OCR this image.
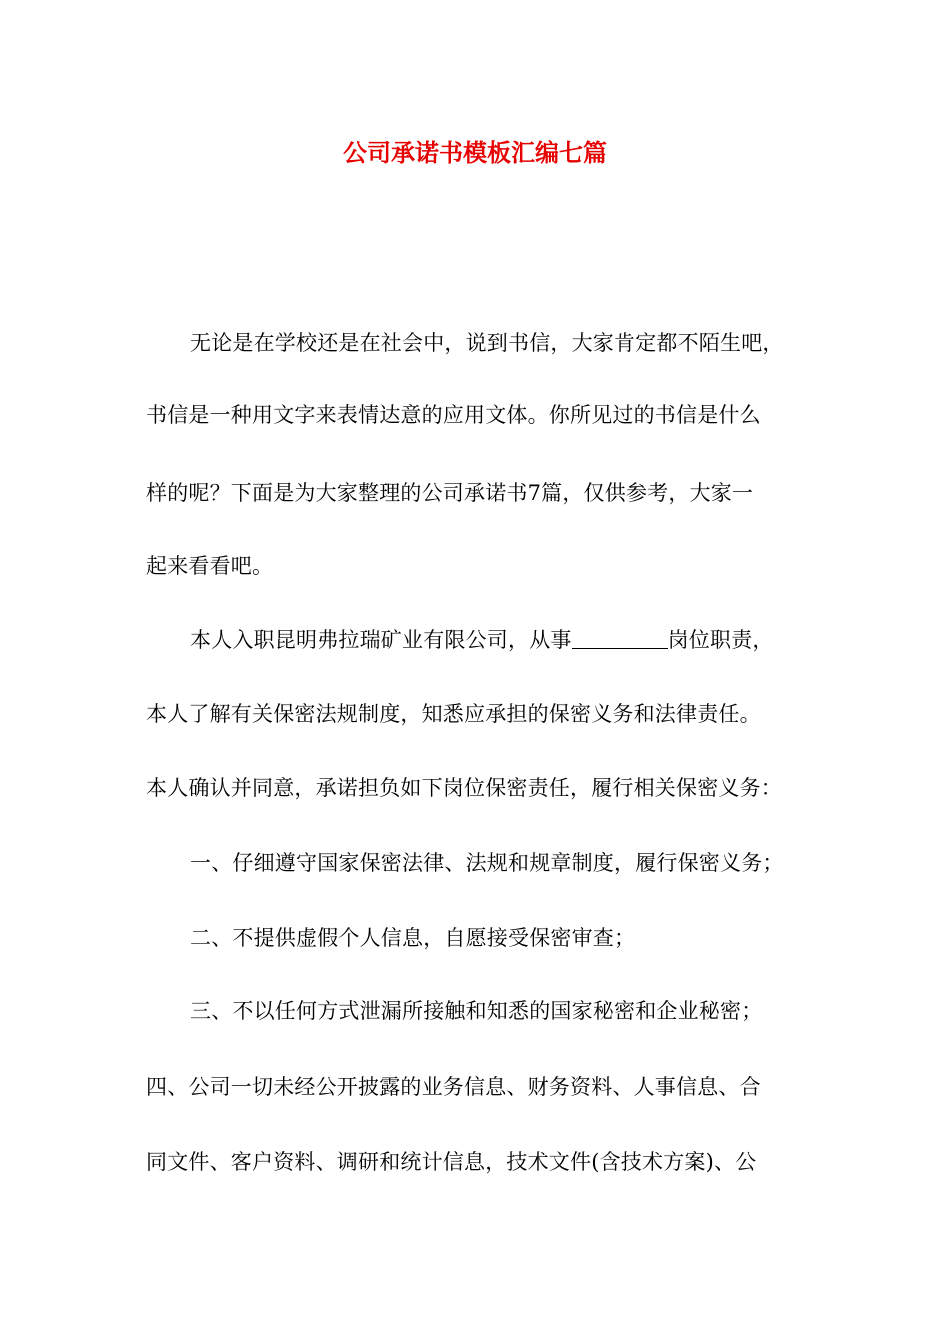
公司承诺书模板汇编七篇
无论是在学校还是在社会中，说到书信，大家肯定都不陌生吧，
书信是一种用文字来表情达意的应用文体。你所见过的书信是什么
样的呢？下面是为大家整理的公司承诺书7篇，仅供参考，大家一
起来看看吧。
本人入职昆明弗拉瑞矿业有限公司，从事	岗位职责，
本人了解有关保密法规制度，知悉应承担的保密义务和法律责任。
本人确认并同意，承诺担负如下岗位保密责任，履行相关保密义务：
一、仔细遵守国家保密法律、法规和规章制度，履行保密义务；
二、不提供虚假个人信息，自愿接受保密审查；
三、不以任何方式泄漏所接触和知悉的国家秘密和企业秘密；
四、公司一切未经公开披露的业务信息、财务资料、人事信息、合
同文件、客户资料、调研和统计信息，技术文件(含技术方案)、公
